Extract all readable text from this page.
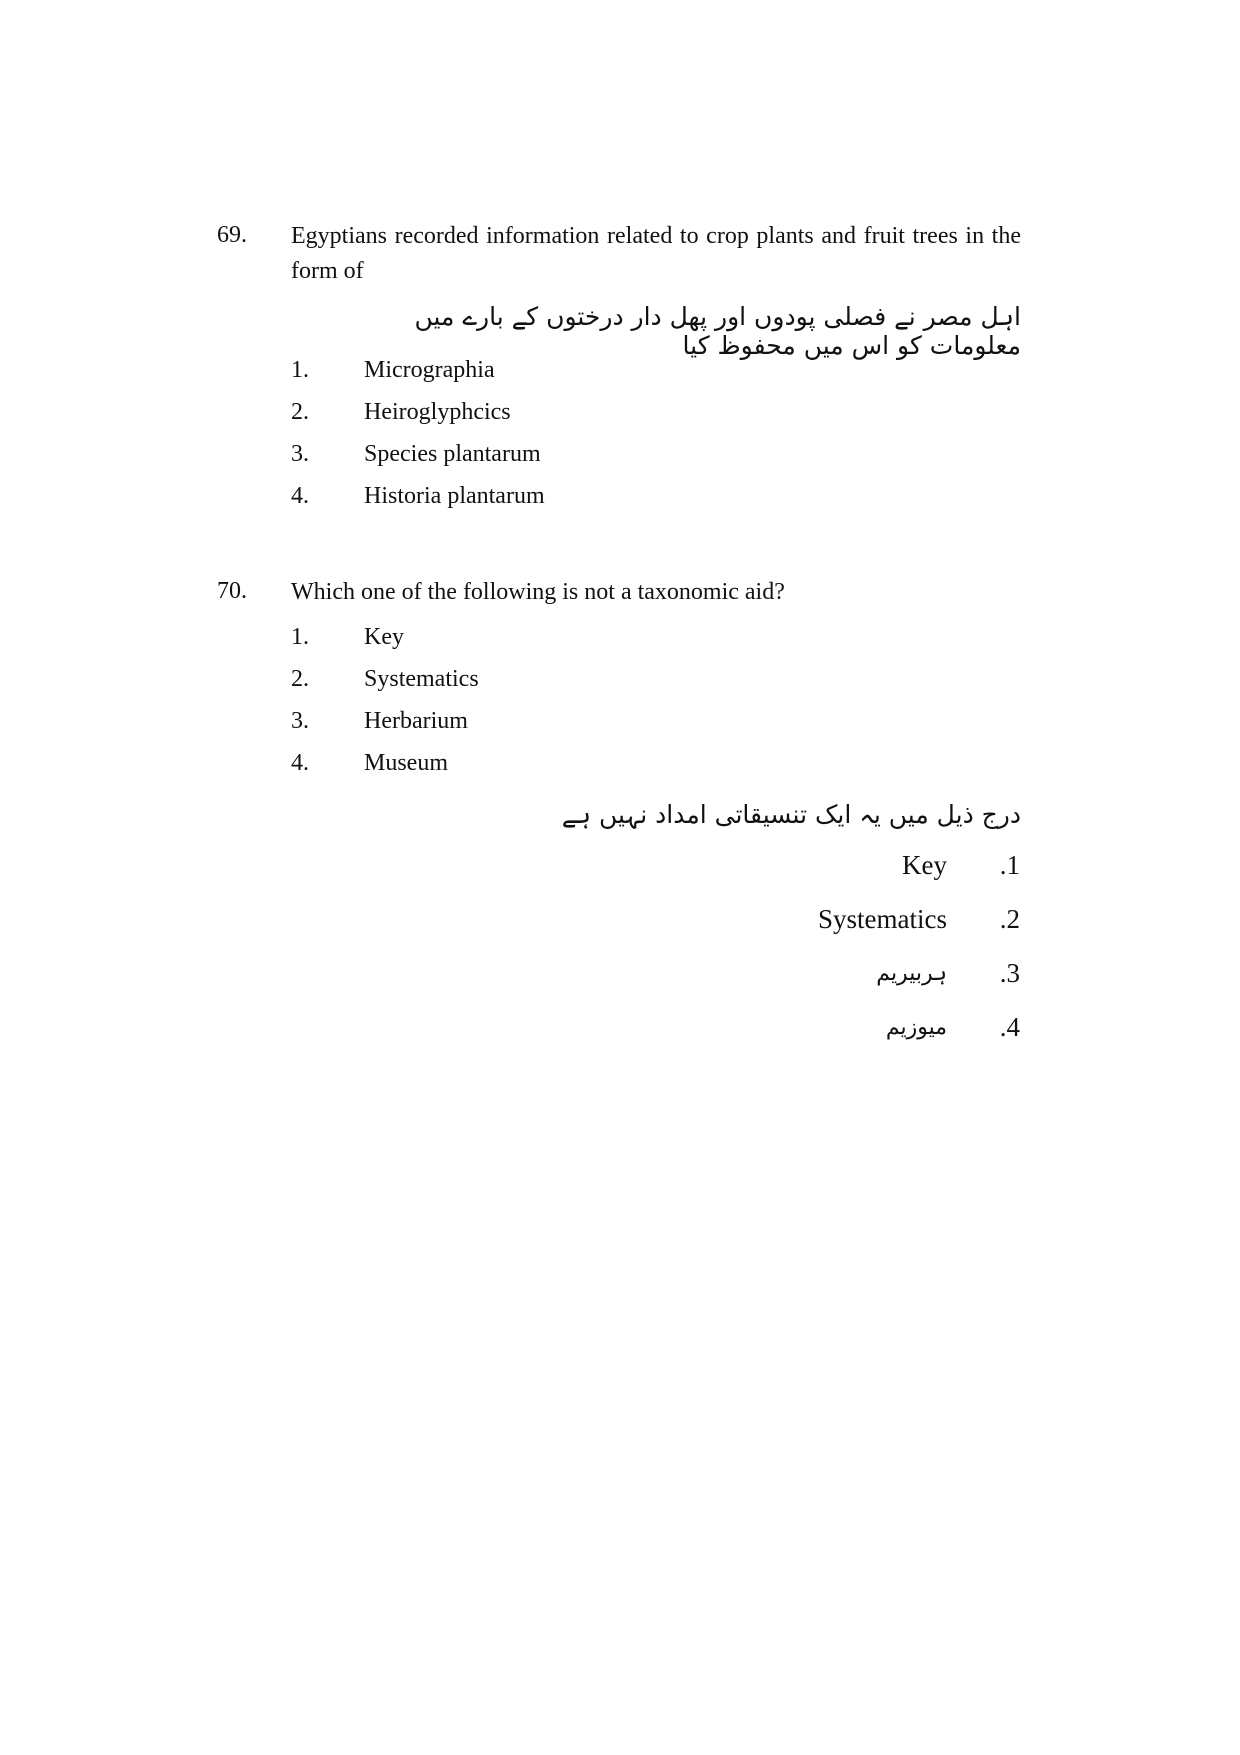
69. Egyptians recorded information related to crop plants and fruit trees in the form of
اہل مصر نے فصلی پودوں اور پھل دار درختوں کے بارے میں معلومات کو اس میں محفوظ کیا
1. Micrographia
2. Heiroglyphcics
3. Species plantarum
4. Historia plantarum
70. Which one of the following is not a taxonomic aid?
1. Key
2. Systematics
3. Herbarium
4. Museum
درج ذیل میں یہ ایک تنسیقاتی امداد نہیں ہے
Key .1
Systematics .2
ہربیریم .3
میوزیم .4
